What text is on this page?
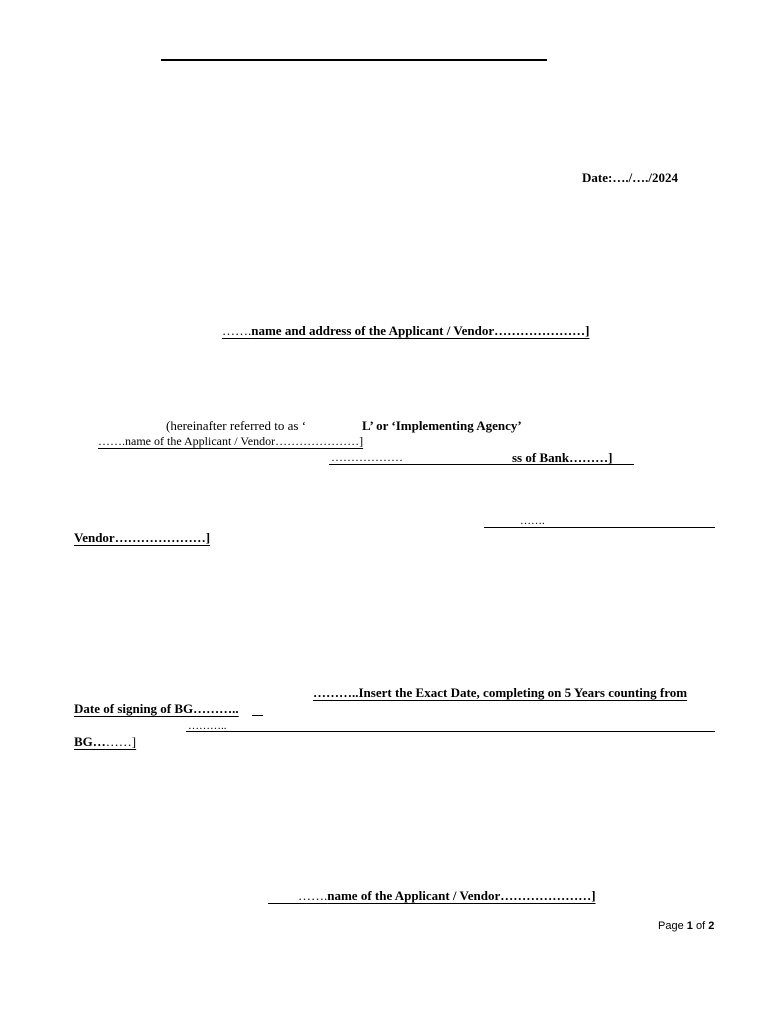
Date:…./…./2024
…….name and address of the Applicant / Vendor…………………]
(hereinafter referred to as ‘	L’ or ‘Implementing Agency’
…….name of the Applicant / Vendor…………………]
………………	ss of Bank………]
…….
Vendor…………………]
………..Insert the Exact Date, completing on 5 Years counting from
Date of signing of BG………..
………..
BG………]
…….name of the Applicant / Vendor…………………]
Page 1 of 2
